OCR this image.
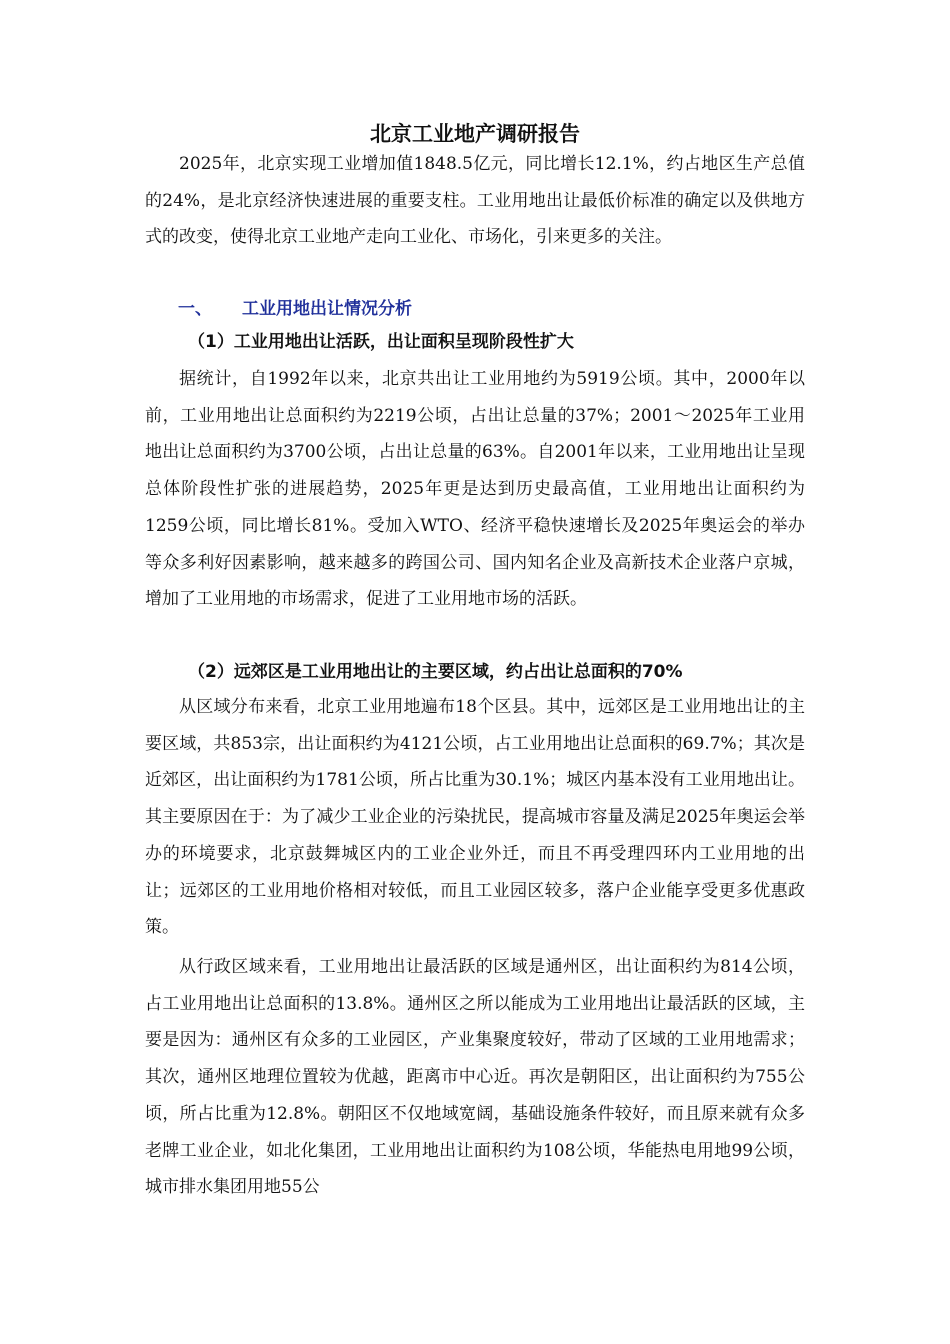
北京工业地产调研报告

2025年，北京实现工业增加值1848.5亿元，同比增长12.1%，约占地区生产总值的24%，是北京经济快速进展的重要支柱。工业用地出让最低价标准的确定以及供地方式的改变，使得北京工业地产走向工业化、市场化，引来更多的关注。

一、 工业用地出让情况分析
（1）工业用地出让活跃，出让面积呈现阶段性扩大

据统计，自1992年以来，北京共出让工业用地约为5919公顷。其中，2000年以前，工业用地出让总面积约为2219公顷，占出让总量的37%；2001～2025年工业用地出让总面积约为3700公顷，占出让总量的63%。自2001年以来，工业用地出让呈现总体阶段性扩张的进展趋势，2025年更是达到历史最高值，工业用地出让面积约为1259公顷，同比增长81%。受加入WTO、经济平稳快速增长及2025年奥运会的举办等众多利好因素影响，越来越多的跨国公司、国内知名企业及高新技术企业落户京城，增加了工业用地的市场需求，促进了工业用地市场的活跃。

（2）远郊区是工业用地出让的主要区域，约占出让总面积的70%

从区域分布来看，北京工业用地遍布18个区县。其中，远郊区是工业用地出让的主要区域，共853宗，出让面积约为4121公顷，占工业用地出让总面积的69.7%；其次是近郊区，出让面积约为1781公顷，所占比重为30.1%；城区内基本没有工业用地出让。其主要原因在于：为了减少工业企业的污染扰民，提高城市容量及满足2025年奥运会举办的环境要求，北京鼓舞城区内的工业企业外迁，而且不再受理四环内工业用地的出让；远郊区的工业用地价格相对较低，而且工业园区较多，落户企业能享受更多优惠政策。

从行政区域来看，工业用地出让最活跃的区域是通州区，出让面积约为814公顷，占工业用地出让总面积的13.8%。通州区之所以能成为工业用地出让最活跃的区域，主要是因为：通州区有众多的工业园区，产业集聚度较好，带动了区域的工业用地需求；其次，通州区地理位置较为优越，距离市中心近。再次是朝阳区，出让面积约为755公顷，所占比重为12.8%。朝阳区不仅地域宽阔，基础设施条件较好，而且原来就有众多老牌工业企业，如北化集团，工业用地出让面积约为108公顷，华能热电用地99公顷，城市排水集团用地55公
